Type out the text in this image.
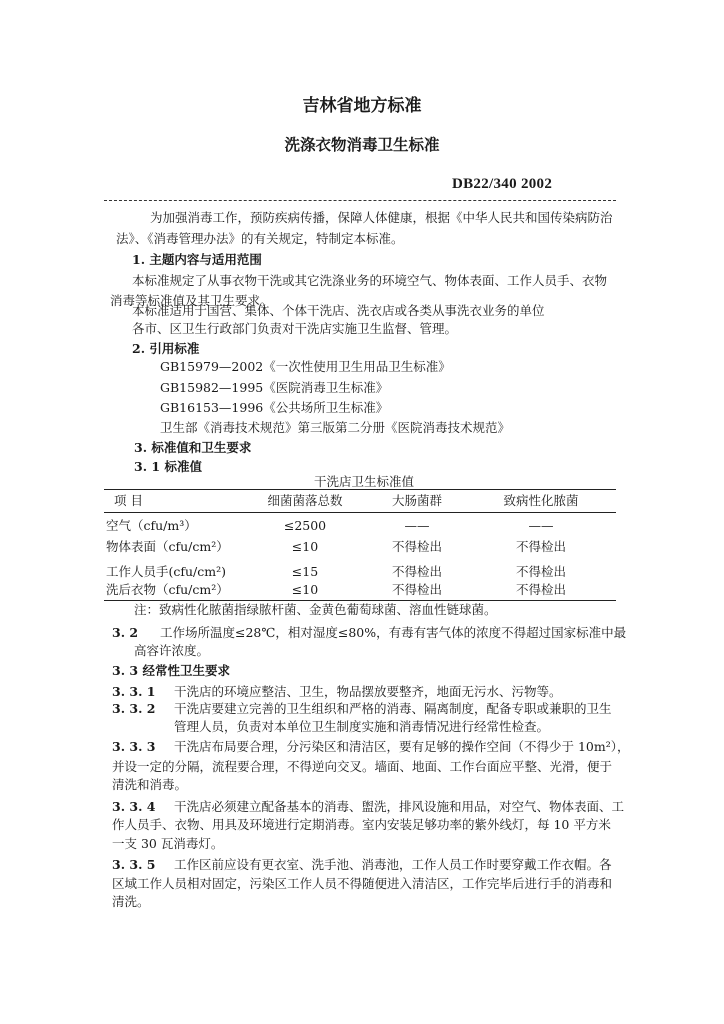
吉林省地方标准
洗涤衣物消毒卫生标准
DB22/340 2002
为加强消毒工作，预防疾病传播，保障人体健康，根据《中华人民共和国传染病防治
法》、《消毒管理办法》的有关规定，特制定本标准。
1. 主题内容与适用范围
本标准规定了从事衣物干洗或其它洗涤业务的环境空气、物体表面、工作人员手、衣物
消毒等标准值及其卫生要求。
本标准适用于国营、集体、个体干洗店、洗衣店或各类从事洗衣业务的单位
各市、区卫生行政部门负责对干洗店实施卫生监督、管理。
2. 引用标准
GB15979—2002《一次性使用卫生用品卫生标准》
GB15982—1995《医院消毒卫生标准》
GB16153—1996《公共场所卫生标准》
卫生部《消毒技术规范》第三版第二分册《医院消毒技术规范》
3. 标准值和卫生要求
3. 1 标准值
干洗店卫生标准值
项 目	细菌菌落总数	大肠菌群	致病性化脓菌
空气（cfu/m³）	≤2500	——	——
物体表面（cfu/cm²）	≤10	不得检出	不得检出
工作人员手(cfu/cm²)	≤15	不得检出	不得检出
洗后衣物（cfu/cm²）	≤10	不得检出	不得检出
注：致病性化脓菌指绿脓杆菌、金黄色葡萄球菌、溶血性链球菌。
3. 2 工作场所温度≤28℃，相对湿度≤80%，有毒有害气体的浓度不得超过国家标准中最
高容许浓度。
3. 3 经常性卫生要求
3. 3. 1 干洗店的环境应整洁、卫生，物品摆放要整齐，地面无污水、污物等。
3. 3. 2 干洗店要建立完善的卫生组织和严格的消毒、隔离制度，配备专职或兼职的卫生
管理人员，负责对本单位卫生制度实施和消毒情况进行经常性检查。
3. 3. 3 干洗店布局要合理，分污染区和清洁区，要有足够的操作空间（不得少于 10m²），
并设一定的分隔，流程要合理，不得逆向交叉。墙面、地面、工作台面应平整、光滑，便于
清洗和消毒。
3. 3. 4 干洗店必须建立配备基本的消毒、盥洗，排风设施和用品，对空气、物体表面、工
作人员手、衣物、用具及环境进行定期消毒。室内安装足够功率的紫外线灯，每 10 平方米
一支 30 瓦消毒灯。
3. 3. 5 工作区前应设有更衣室、洗手池、消毒池，工作人员工作时要穿戴工作衣帽。各
区域工作人员相对固定，污染区工作人员不得随便进入清洁区，工作完毕后进行手的消毒和
清洗。
